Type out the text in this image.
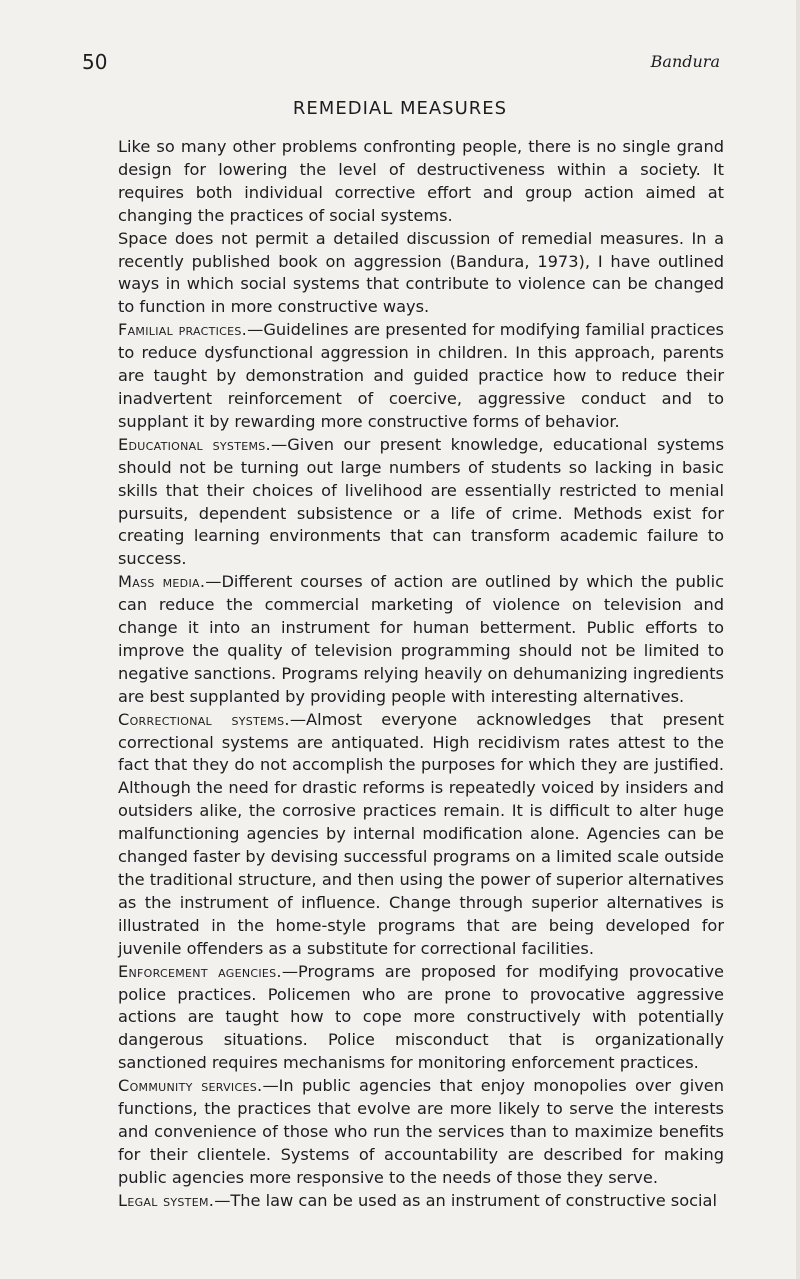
50	Bandura
REMEDIAL MEASURES

Like so many other problems confronting people, there is no single grand design for lowering the level of destructiveness within a society. It requires both individual corrective effort and group action aimed at changing the practices of social systems.

Space does not permit a detailed discussion of remedial measures. In a recently published book on aggression (Bandura, 1973), I have outlined ways in which social systems that contribute to violence can be changed to function in more constructive ways.

Familial practices.—Guidelines are presented for modifying familial practices to reduce dysfunctional aggression in children. In this approach, parents are taught by demonstration and guided practice how to reduce their inadvertent reinforcement of coercive, aggressive conduct and to supplant it by rewarding more constructive forms of behavior.

Educational systems.—Given our present knowledge, educational systems should not be turning out large numbers of students so lacking in basic skills that their choices of livelihood are essentially restricted to menial pursuits, dependent subsistence or a life of crime. Methods exist for creating learning environments that can transform academic failure to success.

Mass media.—Different courses of action are outlined by which the public can reduce the commercial marketing of violence on television and change it into an instrument for human betterment. Public efforts to improve the quality of television programming should not be limited to negative sanctions. Programs relying heavily on dehumanizing ingredients are best supplanted by providing people with interesting alternatives.

Correctional systems.—Almost everyone acknowledges that present correctional systems are antiquated. High recidivism rates attest to the fact that they do not accomplish the purposes for which they are justified. Although the need for drastic reforms is repeatedly voiced by insiders and outsiders alike, the corrosive practices remain. It is difficult to alter huge malfunctioning agencies by internal modification alone. Agencies can be changed faster by devising successful programs on a limited scale outside the traditional structure, and then using the power of superior alternatives as the instrument of influence. Change through superior alternatives is illustrated in the home-style programs that are being developed for juvenile offenders as a substitute for correctional facilities.

Enforcement agencies.—Programs are proposed for modifying provocative police practices. Policemen who are prone to provocative aggressive actions are taught how to cope more constructively with potentially dangerous situations. Police misconduct that is organizationally sanctioned requires mechanisms for monitoring enforcement practices.

Community services.—In public agencies that enjoy monopolies over given functions, the practices that evolve are more likely to serve the interests and convenience of those who run the services than to maximize benefits for their clientele. Systems of accountability are described for making public agencies more responsive to the needs of those they serve.

Legal system.—The law can be used as an instrument of constructive social
